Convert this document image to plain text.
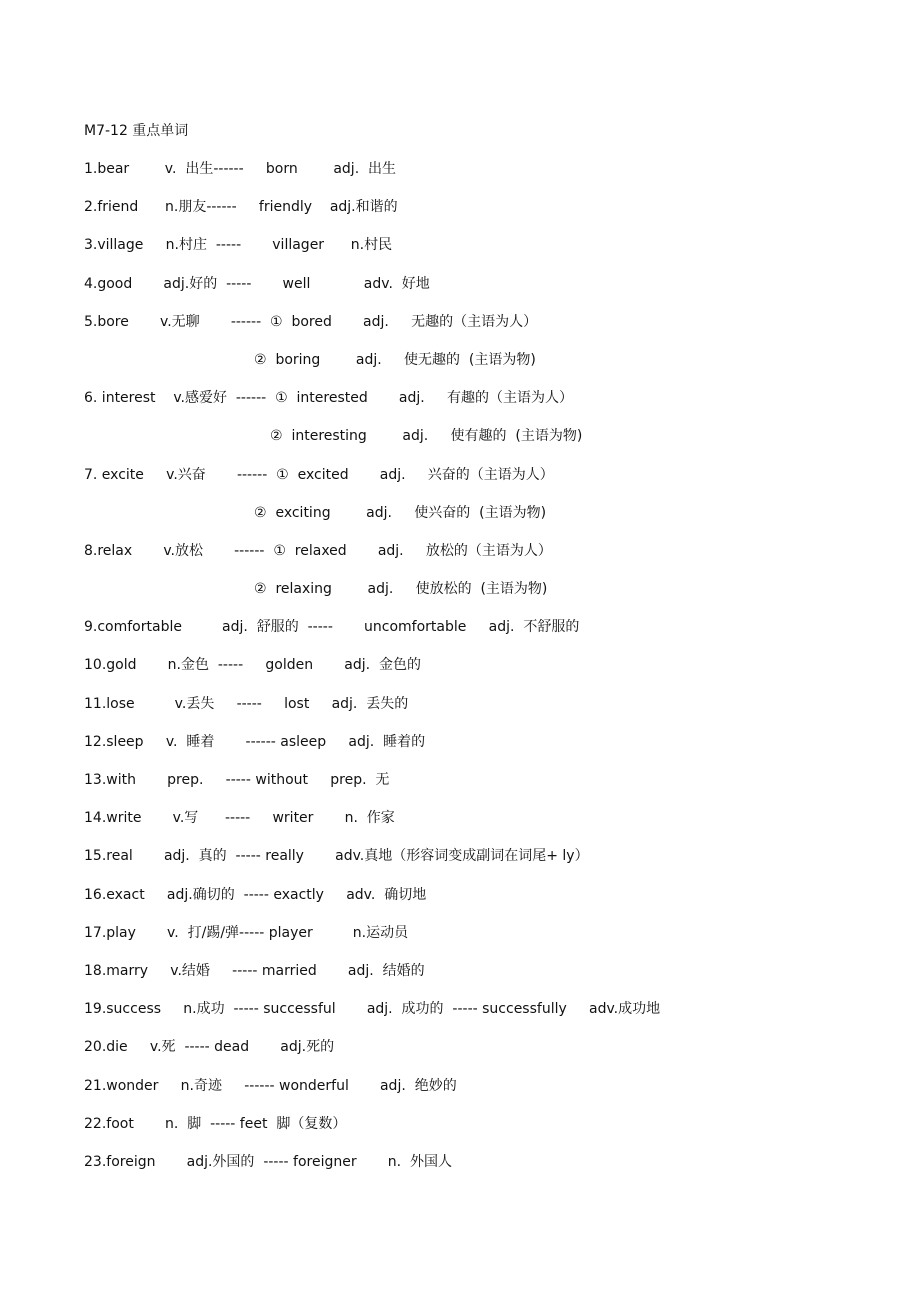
M7-12 重点单词
1.bear        v.  出生------     born        adj.  出生
2.friend      n.朋友------     friendly    adj.和谐的
3.village     n.村庄  -----       villager      n.村民
4.good       adj.好的  -----       well            adv.  好地
5.bore       v.无聊       ------  ①  bored       adj.     无趣的（主语为人）
②  boring        adj.     使无趣的  (主语为物)
6. interest    v.感爱好  ------  ①  interested       adj.     有趣的（主语为人）
②  interesting        adj.     使有趣的  (主语为物)
7. excite     v.兴奋       ------  ①  excited       adj.     兴奋的（主语为人）
②  exciting        adj.     使兴奋的  (主语为物)
8.relax       v.放松       ------  ①  relaxed       adj.     放松的（主语为人）
②  relaxing        adj.     使放松的  (主语为物)
9.comfortable         adj.  舒服的  -----       uncomfortable     adj.  不舒服的
10.gold       n.金色  -----     golden       adj.  金色的
11.lose         v.丢失     -----     lost     adj.  丢失的
12.sleep     v.  睡着       ------ asleep     adj.  睡着的
13.with       prep.     ----- without     prep.  无
14.write       v.写      -----     writer       n.  作家
15.real       adj.  真的  ----- really       adv.真地（形容词变成副词在词尾+ ly）
16.exact     adj.确切的  ----- exactly     adv.  确切地
17.play       v.  打/踢/弹----- player         n.运动员
18.marry     v.结婚     ----- married       adj.  结婚的
19.success     n.成功  ----- successful       adj.  成功的  ----- successfully     adv.成功地
20.die     v.死  ----- dead       adj.死的
21.wonder     n.奇迹     ------ wonderful       adj.  绝妙的
22.foot       n.  脚  ----- feet  脚（复数）
23.foreign       adj.外国的  ----- foreigner       n.  外国人
